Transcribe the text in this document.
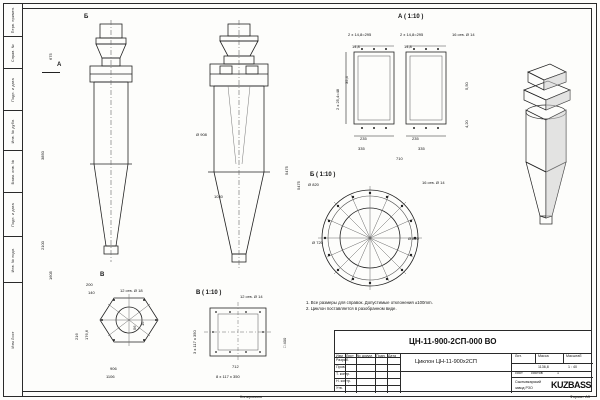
Перв. примен.
Справ. №
Подп. и дата
Инв. № дубл.
Взам. инв. №
Подп. и дата
Инв. № подл.
Изм Лист
675
3850
2100
1605
Б
А
В
Ø 908
1040
5475
5475
А ( 1:10 )
2 х 14,8=295	2 х 14,8=295	16 отв. Ø 14
14,8	14,8
2 х 25,4=48
35,4
5,50
4,20
235	235
335	335
710
Б ( 1:10 )
Ø 820
Ø 720
Ø 820
16 отв. Ø 14
В ( 1:10 )
12 отв. Ø 14
712
8 х 117 х 350
3 х 117 х 350	□ 400
12 отв. Ø 18
200
140
216 176,6
56
16
906
1106
1. Все размеры для справок. Допустимые отклонения ±100mm.
2. Циклон поставляется в разобранном виде.
ЦН-11-900-2СП-000 ВО
Циклон ЦН-11-900х2СП
Изм Лист № докум. Подп. Дата
Разраб.
Пров.
Т. контр.
Н. контр.
Утв.
Лит.	Масса	Масштаб
1136,8	1 : 40
Лист Листов	1
KUZBASS
Сыктывкарский
завод РЗО
Копировано	Формат А3
